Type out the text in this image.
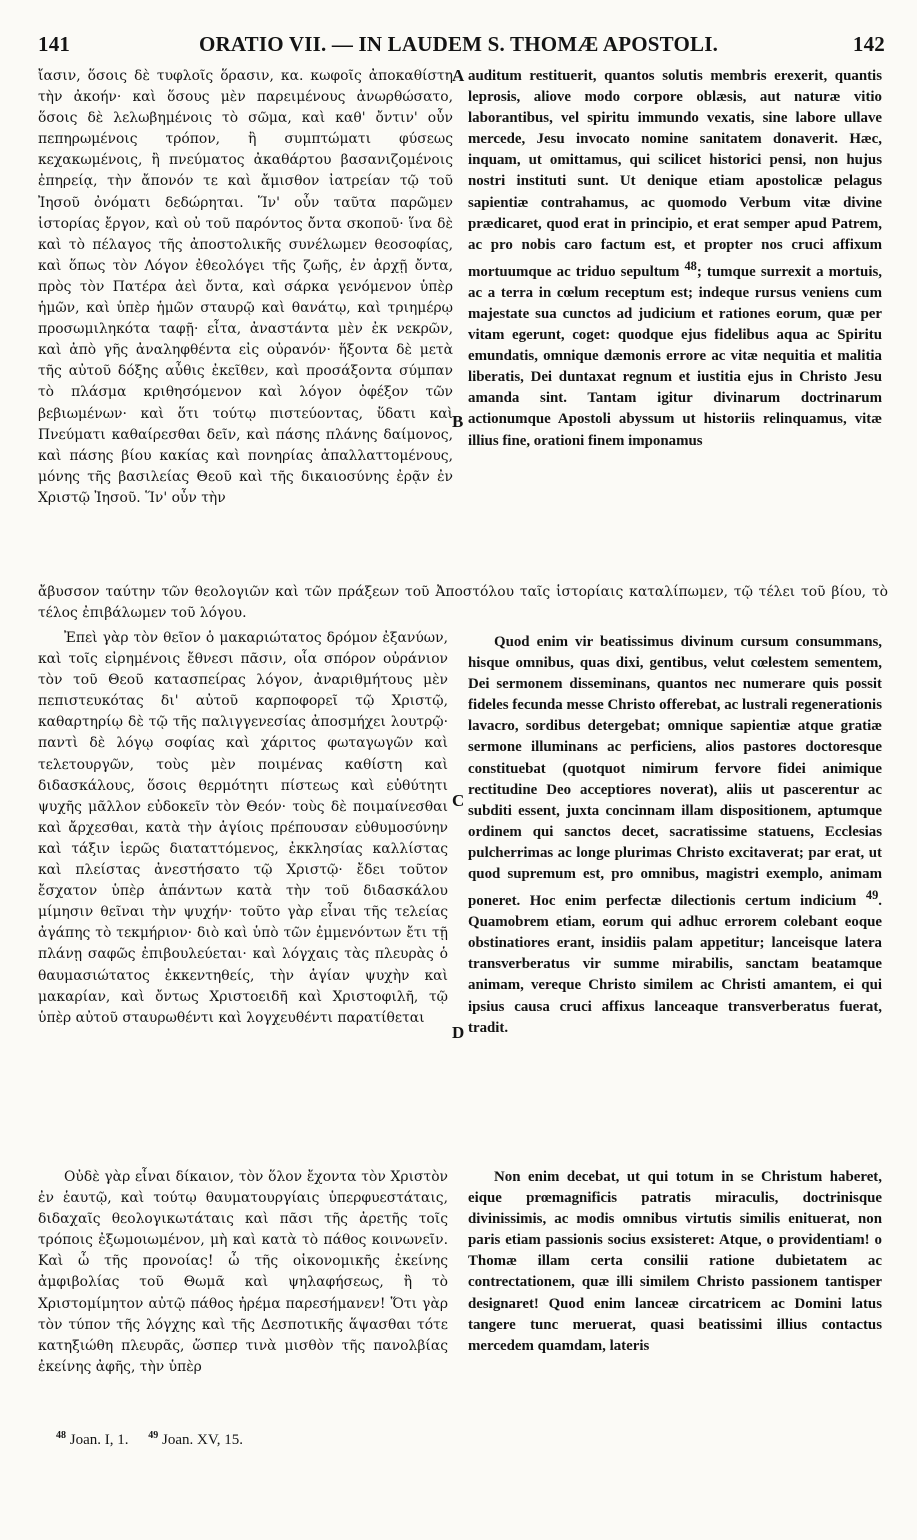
141	ORATIO VII. — IN LAUDEM S. THOMÆ APOSTOLI.	142

ἴασιν, ὅσοις δὲ τυφλοῖς ὅρασιν, κα. κωφοῖς ἀποκαθίστη τὴν ἀκοήν· καὶ ὅσους μὲν παρειμένους ἀνωρθώσατο, ὅσοις δὲ λελωβημένοις τὸ σῶμα, καὶ καθ' ὄντιν' οὖν πεπηρωμένοις τρόπον, ἢ συμπτώματι φύσεως κεχακωμένοις, ἢ πνεύματος ἀκαθάρτου βασανιζομένοις ἐπηρείᾳ, τὴν ἄπονόν τε καὶ ἄμισθον ἰατρείαν τῷ τοῦ Ἰησοῦ ὀνόματι δεδώρηται. Ἵν' οὖν ταῦτα παρῶμεν ἱστορίας ἔργον, καὶ οὐ τοῦ παρόντος ὄντα σκοποῦ· ἵνα δὲ καὶ τὸ πέλαγος τῆς ἀποστολικῆς συνέλωμεν θεοσοφίας, καὶ ὅπως τὸν Λόγον ἐθεολόγει τῆς ζωῆς, ἐν ἀρχῇ ὄντα, πρὸς τὸν Πατέρα ἀεὶ ὄντα, καὶ σάρκα γενόμενον ὑπὲρ ἡμῶν, καὶ ὑπὲρ ἡμῶν σταυρῷ καὶ θανάτῳ, καὶ τριημέρῳ προσωμιληκότα ταφῇ· εἶτα, ἀναστάντα μὲν ἐκ νεκρῶν, καὶ ἀπὸ γῆς ἀναληφθέντα εἰς οὐρανόν· ἥξοντα δὲ μετὰ τῆς αὐτοῦ δόξης αὖθις ἐκεῖθεν, καὶ προσάξοντα σύμπαν τὸ πλάσμα κριθησόμενον καὶ λόγον ὀφέξον τῶν βεβιωμένων· καὶ ὅτι τούτῳ πιστεύοντας, ὕδατι καὶ Πνεύματι καθαίρεσθαι δεῖν, καὶ πάσης πλάνης δαίμονος, καὶ πάσης βίου κακίας καὶ πονηρίας ἀπαλλαττομένους, μόνης τῆς βασιλείας Θεοῦ καὶ τῆς δικαιοσύνης ἐρᾷν ἐν Χριστῷ Ἰησοῦ. Ἵν' οὖν τὴν

auditum restituerit, quantos solutis membris erexerit, quantis leprosis, aliove modo corpore oblæsis, aut naturæ vitio laborantibus, vel spiritu immundo vexatis, sine labore ullave mercede, Jesu invocato nomine sanitatem donaverit. Hæc, inquam, ut omittamus, qui scilicet historici pensi, non hujus nostri instituti sunt. Ut denique etiam apostolicæ pelagus sapientiæ contrahamus, ac quomodo Verbum vitæ divine prædicaret, quod erat in principio, et erat semper apud Patrem, ac pro nobis caro factum est, et propter nos cruci affixum mortuumque ac triduo sepultum $^{48}$; tumque surrexit a mortuis, ac a terra in cœlum receptum est; indeque rursus veniens cum majestate sua cunctos ad judicium et rationes eorum, quæ per vitam egerunt, coget: quodque ejus fidelibus aqua ac Spiritu emundatis, omnique dæmonis errore ac vitæ nequitia et malitia liberatis, Dei duntaxat regnum et iustitia ejus in Christo Jesu amanda sint. Tantam igitur divinarum doctrinarum actionumque Apostoli abyssum ut historiis relinquamus, vitæ illius fine, orationi finem imponamus

A
B
C
D

ἄβυσσον ταύτην τῶν θεολογιῶν καὶ τῶν πράξεων τοῦ Ἀποστόλου ταῖς ἱστορίαις καταλίπωμεν, τῷ τέλει τοῦ βίου, τὸ τέλος ἐπιβάλωμεν τοῦ λόγου.

Ἐπεὶ γὰρ τὸν θεῖον ὁ μακαριώτατος δρόμον ἐξανύων, καὶ τοῖς εἰρημένοις ἔθνεσι πᾶσιν, οἷα σπόρον οὐράνιον τὸν τοῦ Θεοῦ κατασπείρας λόγον, ἀναριθμήτους μὲν πεπιστευκότας δι' αὐτοῦ καρποφορεῖ τῷ Χριστῷ, καθαρτηρίῳ δὲ τῷ τῆς παλιγγενεσίας ἀποσμήχει λουτρῷ· παντὶ δὲ λόγῳ σοφίας καὶ χάριτος φωταγωγῶν καὶ τελετουργῶν, τοὺς μὲν ποιμένας καθίστη καὶ διδασκάλους, ὅσοις θερμότητι πίστεως καὶ εὐθύτητι ψυχῆς μᾶλλον εὐδοκεῖν τὸν Θεόν· τοὺς δὲ ποιμαίνεσθαι καὶ ἄρχεσθαι, κατὰ τὴν ἁγίοις πρέπουσαν εὐθυμοσύνην καὶ τάξιν ἱερῶς διαταττόμενος, ἐκκλησίας καλλίστας καὶ πλείστας ἀνεστήσατο τῷ Χριστῷ· ἔδει τοῦτον ἔσχατον ὑπὲρ ἁπάντων κατὰ τὴν τοῦ διδασκάλου μίμησιν θεῖναι τὴν ψυχήν· τοῦτο γὰρ εἶναι τῆς τελείας ἀγάπης τὸ τεκμήριον· διὸ καὶ ὑπὸ τῶν ἐμμενόντων ἔτι τῇ πλάνῃ σαφῶς ἐπιβουλεύεται· καὶ λόγχαις τὰς πλευρὰς ὁ θαυμασιώτατος ἐκκεντηθείς, τὴν ἁγίαν ψυχὴν καὶ μακαρίαν, καὶ ὄντως Χριστοειδῆ καὶ Χριστοφιλῆ, τῷ ὑπὲρ αὐτοῦ σταυρωθέντι καὶ λογχευθέντι παρατίθεται

Quod enim vir beatissimus divinum cursum consummans, hisque omnibus, quas dixi, gentibus, velut cœlestem sementem, Dei sermonem disseminans, quantos nec numerare quis possit fideles fecunda messe Christo offerebat, ac lustrali regenerationis lavacro, sordibus detergebat; omnique sapientiæ atque gratiæ sermone illuminans ac perficiens, alios pastores doctoresque constituebat (quotquot nimirum fervore fidei animique rectitudine Deo acceptiores noverat), aliis ut pascerentur ac subditi essent, juxta concinnam illam dispositionem, aptumque ordinem qui sanctos decet, sacratissime statuens, Ecclesias pulcherrimas ac longe plurimas Christo excitaverat; par erat, ut quod supremum est, pro omnibus, magistri exemplo, animam poneret. Hoc enim perfectæ dilectionis certum indicium $^{49}$. Quamobrem etiam, eorum qui adhuc errorem colebant eoque obstinatiores erant, insidiis palam appetitur; lanceisque latera transverberatus vir summe mirabilis, sanctam beatamque animam, vereque Christo similem ac Christi amantem, ei qui ipsius causa cruci affixus lanceaque transverberatus fuerat, tradit.

Οὐδὲ γὰρ εἶναι δίκαιον, τὸν ὅλον ἔχοντα τὸν Χριστὸν ἐν ἑαυτῷ, καὶ τούτῳ θαυματουργίαις ὑπερφυεστάταις, διδαχαῖς θεολογικωτάταις καὶ πᾶσι τῆς ἀρετῆς τοῖς τρόποις ἐξωμοιωμένον, μὴ καὶ κατὰ τὸ πάθος κοινωνεῖν. Καὶ ὦ τῆς προνοίας! ὦ τῆς οἰκονομικῆς ἐκείνης ἀμφιβολίας τοῦ Θωμᾶ καὶ ψηλαφήσεως, ἢ τὸ Χριστομίμητον αὐτῷ πάθος ἠρέμα παρεσήμανεν! Ὅτι γὰρ τὸν τύπον τῆς λόγχης καὶ τῆς Δεσποτικῆς ἅψασθαι τότε κατηξιώθη πλευρᾶς, ὥσπερ τινὰ μισθὸν τῆς πανολβίας ἐκείνης ἀφῆς, τὴν ὑπὲρ

Non enim decebat, ut qui totum in se Christum haberet, eique prœmagnificis patratis miraculis, doctrinisque divinissimis, ac modis omnibus virtutis similis enituerat, non paris etiam passionis socius exsisteret: Atque, o providentiam! o Thomæ illam certa consilii ratione dubietatem ac contrectationem, quæ illi similem Christo passionem tantisper designaret! Quod enim lanceæ circatricem ac Domini latus tangere tunc meruerat, quasi beatissimi illius contactus mercedem quamdam, lateris

$^{48}$ Joan. I, 1. $^{49}$ Joan. XV, 15.
